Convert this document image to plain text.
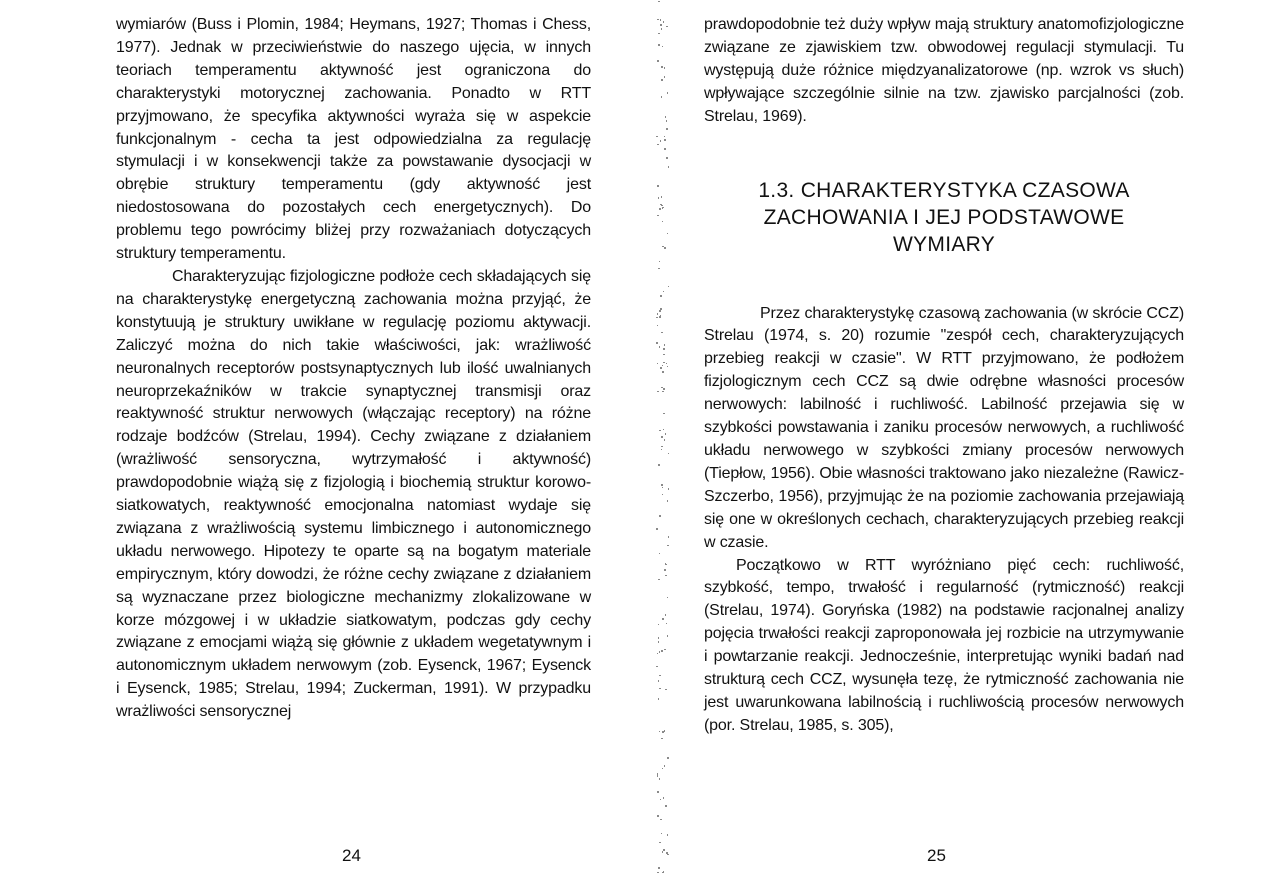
wymiarów (Buss i Plomin, 1984; Heymans, 1927; Thomas i Chess, 1977). Jednak w przeciwieństwie do naszego ujęcia, w innych teoriach temperamentu aktywność jest ograniczona do charakterystyki motorycznej zachowania. Ponadto w RTT przyjmowano, że specyfika aktywności wyraża się w aspekcie funkcjonalnym - cecha ta jest odpowiedzialna za regulację stymulacji i w konsekwencji także za powstawanie dysocjacji w obrębie struktury temperamentu (gdy aktywność jest niedostosowana do pozostałych cech energetycznych). Do problemu tego powrócimy bliżej przy rozważaniach dotyczących struktury temperamentu.

Charakteryzując fizjologiczne podłoże cech składających się na charakterystykę energetyczną zachowania można przyjąć, że konstytuują je struktury uwikłane w regulację poziomu aktywacji. Zaliczyć można do nich takie właściwości, jak: wrażliwość neuronalnych receptorów postsynaptycznych lub ilość uwalnianych neuroprzekaźników w trakcie synaptycznej transmisji oraz reaktywność struktur nerwowych (włączając receptory) na różne rodzaje bodźców (Strelau, 1994). Cechy związane z działaniem (wrażliwość sensoryczna, wytrzymałość i aktywność) prawdopodobnie wiążą się z fizjologią i biochemią struktur korowo-siatkowatych, reaktywność emocjonalna natomiast wydaje się związana z wrażliwością systemu limbicznego i autonomicznego układu nerwowego. Hipotezy te oparte są na bogatym materiale empirycznym, który dowodzi, że różne cechy związane z działaniem są wyznaczane przez biologiczne mechanizmy zlokalizowane w korze mózgowej i w układzie siatkowatym, podczas gdy cechy związane z emocjami wiążą się głównie z układem wegetatywnym i autonomicznym układem nerwowym (zob. Eysenck, 1967; Eysenck i Eysenck, 1985; Strelau, 1994; Zuckerman, 1991). W przypadku wrażliwości sensorycznej

24

prawdopodobnie też duży wpływ mają struktury anatomofizjologiczne związane ze zjawiskiem tzw. obwodowej regulacji stymulacji. Tu występują duże różnice międzyanalizatorowe (np. wzrok vs słuch) wpływające szczególnie silnie na tzw. zjawisko parcjalności (zob. Strelau, 1969).

1.3. CHARAKTERYSTYKA CZASOWA
ZACHOWANIA I JEJ PODSTAWOWE
WYMIARY

Przez charakterystykę czasową zachowania (w skrócie CCZ) Strelau (1974, s. 20) rozumie "zespół cech, charakteryzujących przebieg reakcji w czasie". W RTT przyjmowano, że podłożem fizjologicznym cech CCZ są dwie odrębne własności procesów nerwowych: labilność i ruchliwość. Labilność przejawia się w szybkości powstawania i zaniku procesów nerwowych, a ruchliwość układu nerwowego w szybkości zmiany procesów nerwowych (Tiepłow, 1956). Obie własności traktowano jako niezależne (Rawicz-Szczerbo, 1956), przyjmując że na poziomie zachowania przejawiają się one w określonych cechach, charakteryzujących przebieg reakcji w czasie.

Początkowo w RTT wyróżniano pięć cech: ruchliwość, szybkość, tempo, trwałość i regularność (rytmiczność) reakcji (Strelau, 1974). Goryńska (1982) na podstawie racjonalnej analizy pojęcia trwałości reakcji zaproponowała jej rozbicie na utrzymywanie i powtarzanie reakcji. Jednocześnie, interpretując wyniki badań nad strukturą cech CCZ, wysunęła tezę, że rytmiczność zachowania nie jest uwarunkowana labilnością i ruchliwością procesów nerwowych (por. Strelau, 1985, s. 305),

25
